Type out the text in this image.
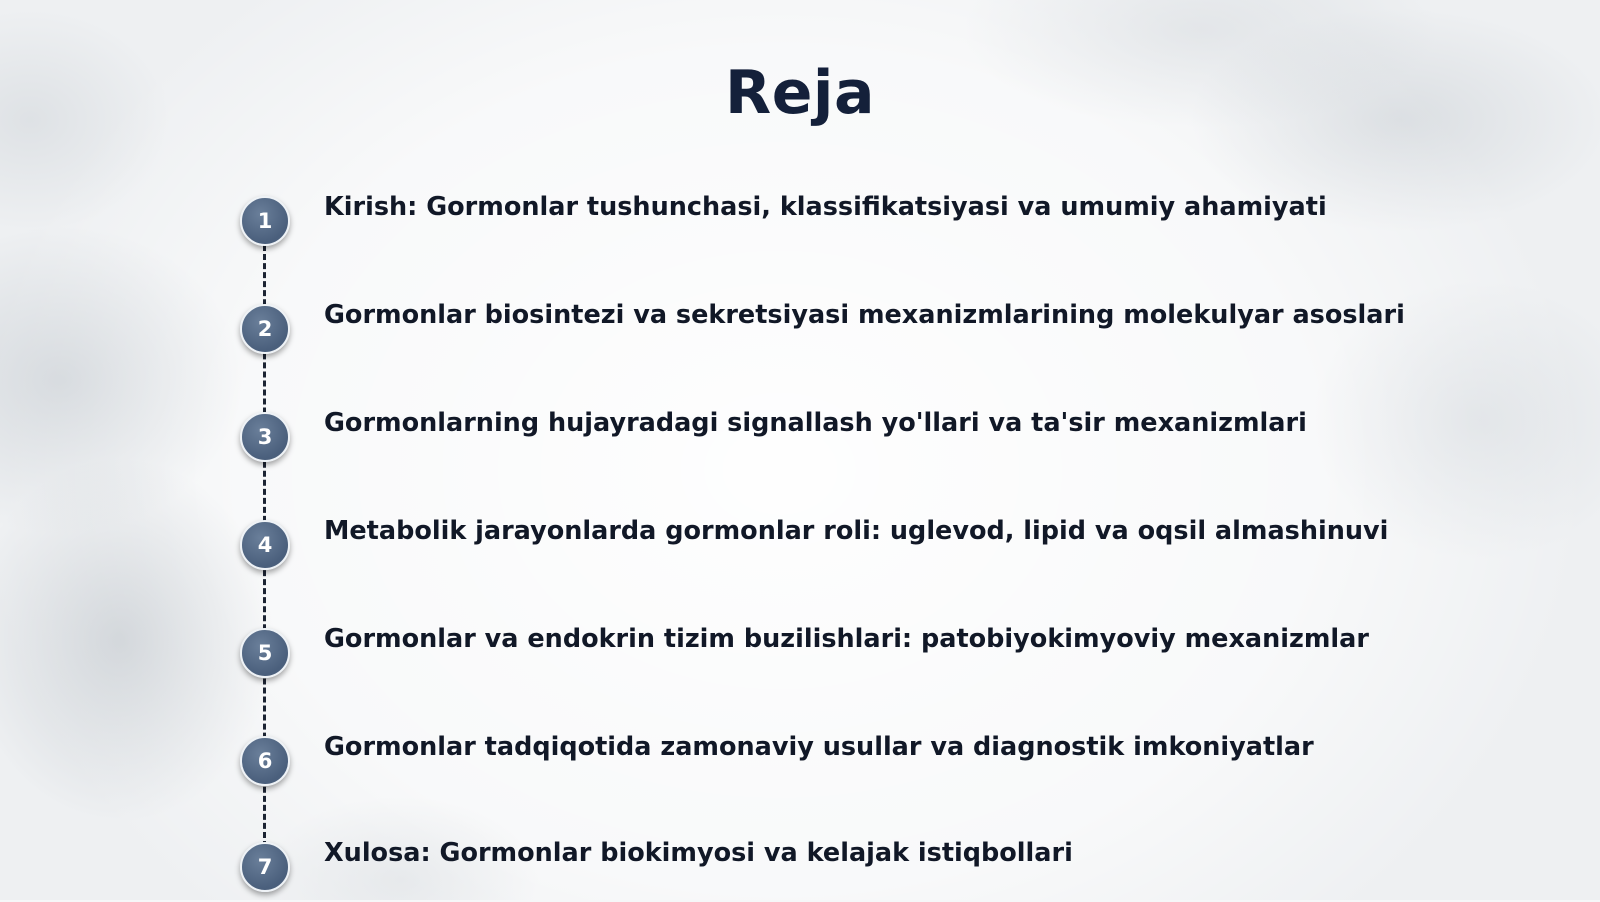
Reja
1	Kirish: Gormonlar tushunchasi, klassifikatsiyasi va umumiy ahamiyati
2	Gormonlar biosintezi va sekretsiyasi mexanizmlarining molekulyar asoslari
3	Gormonlarning hujayradagi signallash yo'llari va ta'sir mexanizmlari
4	Metabolik jarayonlarda gormonlar roli: uglevod, lipid va oqsil almashinuvi
5	Gormonlar va endokrin tizim buzilishlari: patobiyokimyoviy mexanizmlar
6	Gormonlar tadqiqotida zamonaviy usullar va diagnostik imkoniyatlar
7	Xulosa: Gormonlar biokimyosi va kelajak istiqbollari
